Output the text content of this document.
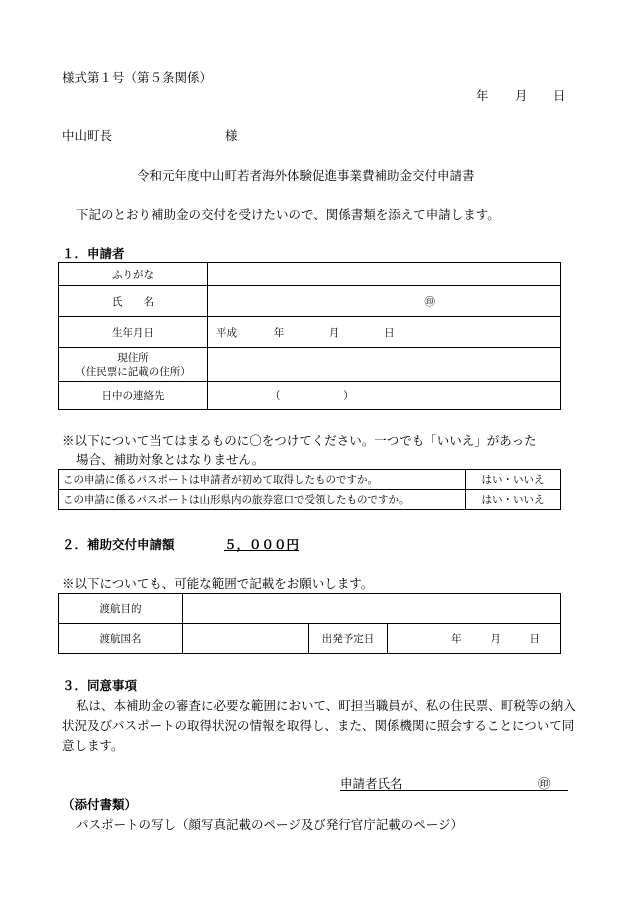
様式第１号（第５条関係）
年 月 日
中山町長	様
令和元年度中山町若者海外体験促進事業費補助金交付申請書
下記のとおり補助金の交付を受けたいので、関係書類を添えて申請します。
１．申請者
ふりがな	
氏　　名	㊞
生年月日	平成 年 月 日

現住所
（住民票に記載の住所）	

日中の連絡先	（ ）
※以下について当てはまるものに〇をつけてください。一つでも「いいえ」があった
場合、補助対象とはなりません。
この申請に係るパスポートは申請者が初めて取得したものですか。	はい・いいえ
この申請に係るパスポートは山形県内の旅券窓口で受領したものですか。	はい・いいえ
２．補助交付申請額	５，０００円
※以下についても、可能な範囲で記載をお願いします。
渡航目的			
渡航国名		出発予定日	年 月 日
３．同意事項
私は、本補助金の審査に必要な範囲において、町担当職員が、私の住民票、町税等の納入
状況及びパスポートの取得状況の情報を取得し、また、関係機関に照会することについて同
意します。
申請者氏名	㊞
（添付書類）
パスポートの写し（顔写真記載のページ及び発行官庁記載のページ）
